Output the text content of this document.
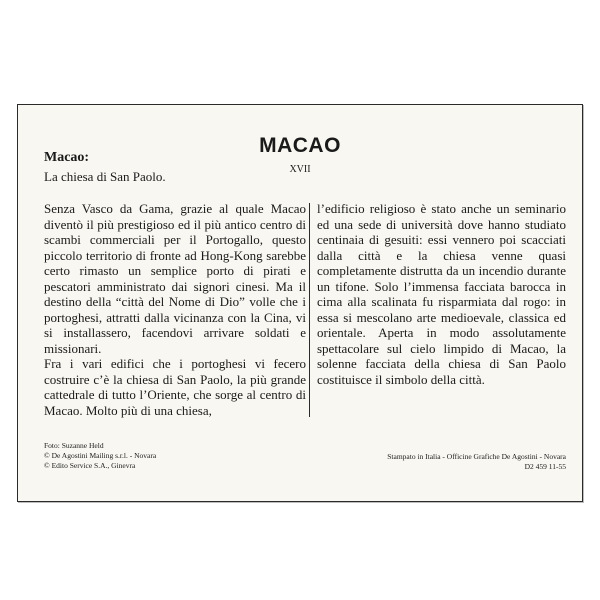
Macao:
La chiesa di San Paolo.
MACAO
XVII

Senza Vasco da Gama, grazie al quale Macao diventò il più prestigioso ed il più antico centro di scambi commerciali per il Portogallo, questo piccolo territorio di fronte ad Hong-Kong sarebbe certo rimasto un semplice porto di pirati e pescatori amministrato dai signori cinesi. Ma il destino della “città del Nome di Dio” volle che i portoghesi, attratti dalla vicinanza con la Cina, vi si installassero, facendovi arrivare soldati e missionari.

Fra i vari edifici che i portoghesi vi fecero costruire c’è la chiesa di San Paolo, la più grande cattedrale di tutto l’Oriente, che sorge al centro di Macao. Molto più di una chiesa,

l’edificio religioso è stato anche un seminario ed una sede di università dove hanno studiato centinaia di gesuiti: essi vennero poi scacciati dalla città e la chiesa venne quasi completamente distrutta da un incendio durante un tifone. Solo l’immensa facciata barocca in cima alla scalinata fu risparmiata dal rogo: in essa si mescolano arte medioevale, classica ed orientale. Aperta in modo assolutamente spettacolare sul cielo limpido di Macao, la solenne facciata della chiesa di San Paolo costituisce il simbolo della città.

Foto: Suzanne Held
© De Agostini Mailing s.r.l. - Novara
© Edito Service S.A., Ginevra
Stampato in Italia - Officine Grafiche De Agostini - Novara
D2 459 11-55
